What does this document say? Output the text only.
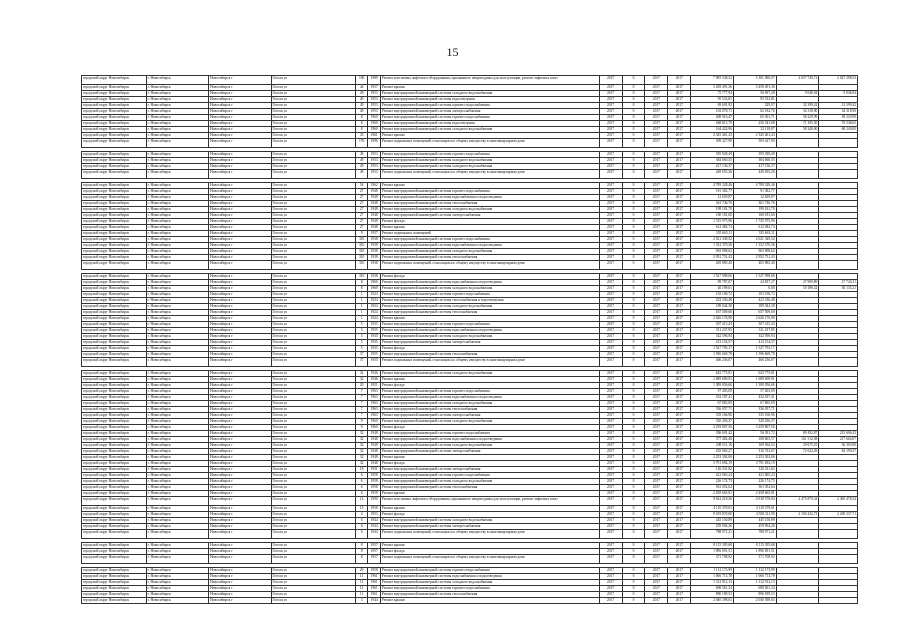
15
городской округ Новосибирск	г. Новосибирск	Новосибирск г	Гоголя ул	190	1989	Ремонт или замена лифтового оборудования, признанного непригодным для эксплуатации, ремонт лифтовых шахт	2027	0	2017	2017	7 985 538,32	5 301 090,07	2 657 749,72	2 027 398,53
городской округ Новосибирск	г. Новосибирск	Новосибирск г	Гоголя ул	44	1957	Ремонт крыши	2017	0	2017	2017	3 458 491,36	3 458 491,36		
городской округ Новосибирск	г. Новосибирск	Новосибирск г	Гоголя ул	49	1953	Ремонт внутридомовой инженерной системы холодного водоснабжения	2017	0	2017	2017	75 777,94	56 697,28	9 046,94	9 046,94
городской округ Новосибирск	г. Новосибирск	Новосибирск г	Гоголя ул	49	1953	Ремонт внутридомовой инженерной системы водоотведения	2017	0	2017	2017	95 533,81	95 533,81		
городской округ Новосибирск	г. Новосибирск	Новосибирск г	Гоголя ул	49	1953	Ремонт внутридомовой инженерной системы горячего водоснабжения	2017	0	2017	2017	69 691,92	329,97	32 399,42	12 399,42
городской округ Новосибирск	г. Новосибирск	Новосибирск г	Гоголя ул	49	1953	Ремонт внутридомовой инженерной системы электроснабжения	2017	0	2017	2017	102 078,71	62 182,76	34 318,90	34 318,90
городской округ Новосибирск	г. Новосибирск	Новосибирск г	Гоголя ул	8	1960	Ремонт внутридомовой инженерной системы горячего водоснабжения	2017	0	2017	2017	408 916,47	65 301,71	58 229,99	58 229,99
городской округ Новосибирск	г. Новосибирск	Новосибирск г	Гоголя ул	8	1960	Ремонт внутридомовой инженерной системы водоотведения	2017	0	2017	2017	468 813,79	256 341,88	71 305,50	70 548,65
городской округ Новосибирск	г. Новосибирск	Новосибирск г	Гоголя ул	8	1960	Ремонт внутридомовой инженерной системы холодного водоснабжения	2017	0	2017	2017	164 422,96	32 118,87	58 240,00	68 240,00
городской округ Новосибирск	г. Новосибирск	Новосибирск г	Гоголя ул	33	1961	Ремонт крыши	2017	0	2017	2017	2 345 461,43	2 345 461,43		
городской округ Новосибирск	г. Новосибирск	Новосибирск г	Гоголя ул	176	1996	Ремонт подвальных помещений, относящихся к общему имуществу в многоквартирном доме	2017	0	2017	2017	509 427,90	509 427,90		

городской округ Новосибирск	г. Новосибирск	Новосибирск г	Гоголя ул	49	1953	Ремонт внутридомовой инженерной системы горячего водоснабжения	2017	0	2017	2017	395 928,49	395 928,49		
городской округ Новосибирск	г. Новосибирск	Новосибирск г	Гоголя ул	49	1953	Ремонт внутридомовой инженерной системы холодного водоснабжения	2017	0	2017	2017	384 660,55	384 660,55		
городской округ Новосибирск	г. Новосибирск	Новосибирск г	Гоголя ул	49	1953	Ремонт внутридомовой инженерной системы холодного водоснабжения	2017	0	2017	2017	417 136,37	417 136,37		
городской округ Новосибирск	г. Новосибирск	Новосибирск г	Гоголя ул	49	1953	Ремонт подвальных помещений, относящихся к общему имуществу в многоквартирном доме	2017	0	2017	2017	449 655,26	449 655,26		

городской округ Новосибирск	г. Новосибирск	Новосибирск г	Гоголя ул	54	1962	Ремонт крыши	2017	0	2017	2017	4 789 328,46	4 789 328,46		
городской округ Новосибирск	г. Новосибирск	Новосибирск г	Гоголя ул	27	1948	Ремонт внутридомовой инженерной системы горячего водоснабжения	2017	0	2017	2017	181 382,77	91 382,77		
городской округ Новосибирск	г. Новосибирск	Новосибирск г	Гоголя ул	27	1948	Ремонт внутридомовой инженерной системы водоснабжения и водоотведения	2017	0	2017	2017	12 659,87	12 659,87		
городской округ Новосибирск	г. Новосибирск	Новосибирск г	Гоголя ул	27	1948	Ремонт внутридомовой инженерной системы теплоснабжения	2017	0	2017	2017	361 746,76	361 746,76		
городской округ Новосибирск	г. Новосибирск	Новосибирск г	Гоголя ул	27	1948	Ремонт внутридомовой инженерной системы холодного водоснабжения	2017	0	2017	2017	199 181,70	199 181,70		
городской округ Новосибирск	г. Новосибирск	Новосибирск г	Гоголя ул	27	1948	Ремонт внутридомовой инженерной системы электроснабжения	2017	0	2017	2017	160 181,60	160 181,60		
городской округ Новосибирск	г. Новосибирск	Новосибирск г	Гоголя ул	27	1948	Ремонт фасада	2017	0	2017	2017	1 745 975,96	1 745 975,96		
городской округ Новосибирск	г. Новосибирск	Новосибирск г	Гоголя ул	27	1948	Ремонт крыши	2017	0	2017	2017	612 482,74	612 482,74		
городской округ Новосибирск	г. Новосибирск	Новосибирск г	Гоголя ул	9	1957	Ремонт подвальных помещений	2017	0	2017	2017	335 663,11	335 663,11		
городской округ Новосибирск	г. Новосибирск	Новосибирск г	Гоголя ул	310	1938	Ремонт внутридомовой инженерной системы горячего водоснабжения	2017	0	2017	2017	2 021 349,52	2 021 349,52		
городской округ Новосибирск	г. Новосибирск	Новосибирск г	Гоголя ул	310	1938	Ремонт внутридомовой инженерной системы водоснабжения и водоотведения	2017	0	2017	2017	1 352 370,36	1 352 370,36		
городской округ Новосибирск	г. Новосибирск	Новосибирск г	Гоголя ул	310	1938	Ремонт внутридомовой инженерной системы холодного водоснабжения	2017	0	2017	2017	963 908,62	963 908,62		
городской округ Новосибирск	г. Новосибирск	Новосибирск г	Гоголя ул	310	1938	Ремонт внутридомовой инженерной системы теплоснабжения	2017	0	2017	2017	2 952 751,43	2 952 751,43		
городской округ Новосибирск	г. Новосибирск	Новосибирск г	Гоголя ул	310	1938	Ремонт подвальных помещений, относящихся к общему имуществу в многоквартирном доме	2017	0	2017	2017	405 885,40	405 885,40		

городской округ Новосибирск	г. Новосибирск	Новосибирск г	Гоголя ул	310	1938	Ремонт фасада	2017	0	2017	2017	1 527 998,06	1 527 998,06		
городской округ Новосибирск	г. Новосибирск	Новосибирск г	Гоголя ул	8	1960	Ремонт внутридомовой инженерной системы водоснабжения и водоотведения	2017	0	2017	2017	99 787,07	24 837,27	27 909,89	27 743,31
городской округ Новосибирск	г. Новосибирск	Новосибирск г	Гоголя ул	8	1960	Ремонт внутридомовой инженерной системы холодного водоснабжения	2017	0	2017	2017	40 199,61	0,00	10 186,32	30 135,21
городской округ Новосибирск	г. Новосибирск	Новосибирск г	Гоголя ул	1	1924	Ремонт внутридомовой инженерной системы горячего водоснабжения	2017	0	2017	2017	103 196,72	103 196,72		
городской округ Новосибирск	г. Новосибирск	Новосибирск г	Гоголя ул	1	1924	Ремонт внутридомовой инженерной системы теплоснабжения и водоотведения	2017	0	2017	2017	423 336,48	423 336,48		
городской округ Новосибирск	г. Новосибирск	Новосибирск г	Гоголя ул	1	1924	Ремонт внутридомовой инженерной системы холодного водоснабжения	2017	0	2017	2017	189 044,38	189 044,38		
городской округ Новосибирск	г. Новосибирск	Новосибирск г	Гоголя ул	1	1924	Ремонт внутридомовой инженерной системы теплоснабжения	2017	0	2017	2017	657 509,60	657 509,60		
городской округ Новосибирск	г. Новосибирск	Новосибирск г	Гоголя ул	1	1924	Ремонт крыши	2017	0	2017	2017	2 626 176,98	2 626 176,98		
городской округ Новосибирск	г. Новосибирск	Новосибирск г	Гоголя ул	5	1935	Ремонт внутридомовой инженерной системы горячего водоснабжения	2017	0	2017	2017	307 415,43	307 415,43		
городской округ Новосибирск	г. Новосибирск	Новосибирск г	Гоголя ул	5	1935	Ремонт внутридомовой инженерной системы водоснабжения и водоотведения	2017	0	2017	2017	311 237,85	311 237,85		
городской округ Новосибирск	г. Новосибирск	Новосибирск г	Гоголя ул	5	1935	Ремонт внутридомовой инженерной системы холодного водоснабжения	2017	0	2017	2017	342 596,94	342 596,94		
городской округ Новосибирск	г. Новосибирск	Новосибирск г	Гоголя ул	5	1935	Ремонт внутридомовой инженерной системы электроснабжения	2017	0	2017	2017	413 154,57	413 154,57		
городской округ Новосибирск	г. Новосибирск	Новосибирск г	Гоголя ул	5	1935	Ремонт фасада	2017	0	2017	2017	1 527 793,17	1 527 793,17		
городской округ Новосибирск	г. Новосибирск	Новосибирск г	Гоголя ул	37	1955	Ремонт внутридомовой инженерной системы теплоснабжения	2017	0	2017	2017	1 596 669,78	1 596 669,78		
городской округ Новосибирск	г. Новосибирск	Новосибирск г	Гоголя ул	37	1955	Ремонт подвальных помещений, относящихся к общему имуществу в многоквартирном доме	2017	0	2017	2017	466 236,07	466 236,07		

городской округ Новосибирск	г. Новосибирск	Новосибирск г	Гоголя ул	32	1946	Ремонт внутридомовой инженерной системы холодного водоснабжения	2017	0	2017	2017	643 775,81	643 775,81		
городской округ Новосибирск	г. Новосибирск	Новосибирск г	Гоголя ул	32	1946	Ремонт крыши	2017	0	2017	2017	1 689 609,91	1 689 609,91		
городской округ Новосибирск	г. Новосибирск	Новосибирск г	Гоголя ул	20	1951	Ремонт фасада	2017	0	2017	2017	1 389 056,66	1 389 056,66		
городской округ Новосибирск	г. Новосибирск	Новосибирск г	Гоголя ул	7	1963	Ремонт внутридомовой инженерной системы горячего водоснабжения	2017	0	2017	2017	57 403,09	57 403,09		
городской округ Новосибирск	г. Новосибирск	Новосибирск г	Гоголя ул	7	1963	Ремонт внутридомовой инженерной системы водоснабжения и водоотведения	2017	0	2017	2017	432 187,41	432 187,41		
городской округ Новосибирск	г. Новосибирск	Новосибирск г	Гоголя ул	7	1963	Ремонт внутридомовой инженерной системы холодного водоснабжения	2017	0	2017	2017	67 865,09	67 865,09		
городской округ Новосибирск	г. Новосибирск	Новосибирск г	Гоголя ул	7	1963	Ремонт внутридомовой инженерной системы теплоснабжения	2017	0	2017	2017	336 057,71	336 057,71		
городской округ Новосибирск	г. Новосибирск	Новосибирск г	Гоголя ул	7	1963	Ремонт внутридомовой инженерной системы электроснабжения	2017	0	2017	2017	335 166,96	335 166,96		
городской округ Новосибирск	г. Новосибирск	Новосибирск г	Гоголя ул	9	1960	Ремонт внутридомовой инженерной системы холодного водоснабжения	2017	0	2017	2017	320 456,37	320 456,37		
городской округ Новосибирск	г. Новосибирск	Новосибирск г	Гоголя ул	9	1960	Ремонт фасада	2017	0	2017	2017	3 259 807,56	3 259 807,56		
городской округ Новосибирск	г. Новосибирск	Новосибирск г	Гоголя ул	32	1948	Ремонт внутридомовой инженерной системы горячего водоснабжения	2017	0	2017	2017	396 691,42	56 391,72	89 492,87	215 696,43
городской округ Новосибирск	г. Новосибирск	Новосибирск г	Гоголя ул	32	1948	Ремонт внутридомовой инженерной системы водоснабжения и водоотведения	2017	0	2017	2017	377 402,40	108 603,57	161 512,58	217 664,07
городской округ Новосибирск	г. Новосибирск	Новосибирск г	Гоголя ул	32	1948	Ремонт внутридомовой инженерной системы холодного водоснабжения	2017	0	2017	2017	208 511,16	169 564,52	29 675,10	36 303,90
городской округ Новосибирск	г. Новосибирск	Новосибирск г	Гоголя ул	32	1948	Ремонт внутридомовой инженерной системы электроснабжения	2017	0	2017	2017	455 065,27	316 743,67	72 622,29	84 199,37
городской округ Новосибирск	г. Новосибирск	Новосибирск г	Гоголя ул	32	1948	Ремонт крыши	2017	0	2017	2017	2 253 302,06	2 253 302,06		
городской округ Новосибирск	г. Новосибирск	Новосибирск г	Гоголя ул	32	1948	Ремонт фасада	2017	0	2017	2017	3 791 694,19	3 791 694,19		
городской округ Новосибирск	г. Новосибирск	Новосибирск г	Гоголя ул	18	1931	Ремонт внутридомовой инженерной системы электроснабжения	2017	0	2017	2017	126 331,82	126 331,82		
городской округ Новосибирск	г. Новосибирск	Новосибирск г	Гоголя ул	6	1958	Ремонт внутридомовой инженерной системы горячего водоснабжения	2017	0	2017	2017	421 065,24	421 065,24		
городской округ Новосибирск	г. Новосибирск	Новосибирск г	Гоголя ул	6	1958	Ремонт внутридомовой инженерной системы холодного водоснабжения	2017	0	2017	2017	226 174,75	226 174,75		
городской округ Новосибирск	г. Новосибирск	Новосибирск г	Гоголя ул	6	1958	Ремонт внутридомовой инженерной системы теплоснабжения	2017	0	2017	2017	561 052,64	561 052,64		
городской округ Новосибирск	г. Новосибирск	Новосибирск г	Гоголя ул	6	1958	Ремонт крыши	2017	0	2017	2017	2 458 665,81	2 458 665,81		
городской округ Новосибирск	г. Новосибирск	Новосибирск г	Гоголя ул	14	1990	Ремонт или замена лифтового оборудования, признанного непригодным для эксплуатации, ремонт лифтовых шахт	2017	0	2017	2017	9 632 218,56	4 918 578,84	2 475 879,34	2 405 478,34
городской округ Новосибирск	г. Новосибирск	Новосибирск г	Гоголя ул	13	1958	Ремонт крыши	2017	0	2017	2017	4 110 379,01	4 110 379,01		
городской округ Новосибирск	г. Новосибирск	Новосибирск г	Гоголя ул	4	1953	Ремонт фасада	2017	0	2017	2017	9 019 870,00	4 558 311,90	2 194 232,73	2 269 337,71
городской округ Новосибирск	г. Новосибирск	Новосибирск г	Гоголя ул	6	1944	Ремонт внутридомовой инженерной системы холодного водоснабжения	2017	0	2017	2017	445 150,89	445 150,89		
городской округ Новосибирск	г. Новосибирск	Новосибирск г	Гоголя ул	6	1944	Ремонт внутридомовой инженерной системы электроснабжения	2017	0	2017	2017	259 904,26	259 904,26		
городской округ Новосибирск	г. Новосибирск	Новосибирск г	Гоголя ул	6	1944	Ремонт подвальных помещений, относящихся к общему имуществу в многоквартирном доме	2017	0	2017	2017	788 971,21	788 971,21		

городской округ Новосибирск	г. Новосибирск	Новосибирск г	Гоголя ул	8	1957	Ремонт крыши	2017	0	2017	2017	8 115 395,68	8 115 395,68		
городской округ Новосибирск	г. Новосибирск	Новосибирск г	Гоголя ул	8	1957	Ремонт фасада	2017	0	2017	2017	1 896 691,51	1 896 691,51		
городской округ Новосибирск	г. Новосибирск	Новосибирск г	Гоголя ул	8	1957	Ремонт подвальных помещений, относящихся к общему имуществу в многоквартирном доме	2017	0	2017	2017	371 708,92	371 708,92		

городской округ Новосибирск	г. Новосибирск	Новосибирск г	Гоголя ул	20	1958	Ремонт внутридомовой инженерной системы горячего водоснабжения	2017	0	2017	2017	1 112 173,99	1 112 173,99		
городской округ Новосибирск	г. Новосибирск	Новосибирск г	Гоголя ул	11	1961	Ремонт внутридомовой инженерной системы водоснабжения и водоотведения	2017	0	2017	2017	1 066 713,78	1 066 713,78		
городской округ Новосибирск	г. Новосибирск	Новосибирск г	Гоголя ул	11	1961	Ремонт внутридомовой инженерной системы холодного водоснабжения	2017	0	2017	2017	1 312 912,13	1 312 912,13		
городской округ Новосибирск	г. Новосибирск	Новосибирск г	Гоголя ул	11	1961	Ремонт внутридомовой инженерной системы горячего водоснабжения	2017	0	2017	2017	698 561,34	698 561,34		
городской округ Новосибирск	г. Новосибирск	Новосибирск г	Гоголя ул	11	1961	Ремонт внутридомовой инженерной системы теплоснабжения	2017	0	2017	2017	896 189,53	896 189,53		
городской округ Новосибирск	г. Новосибирск	Новосибирск г	Гоголя ул	3	1944	Ремонт крыши	2017	0	2017	2017	2 040 398,63	2 040 398,63		
